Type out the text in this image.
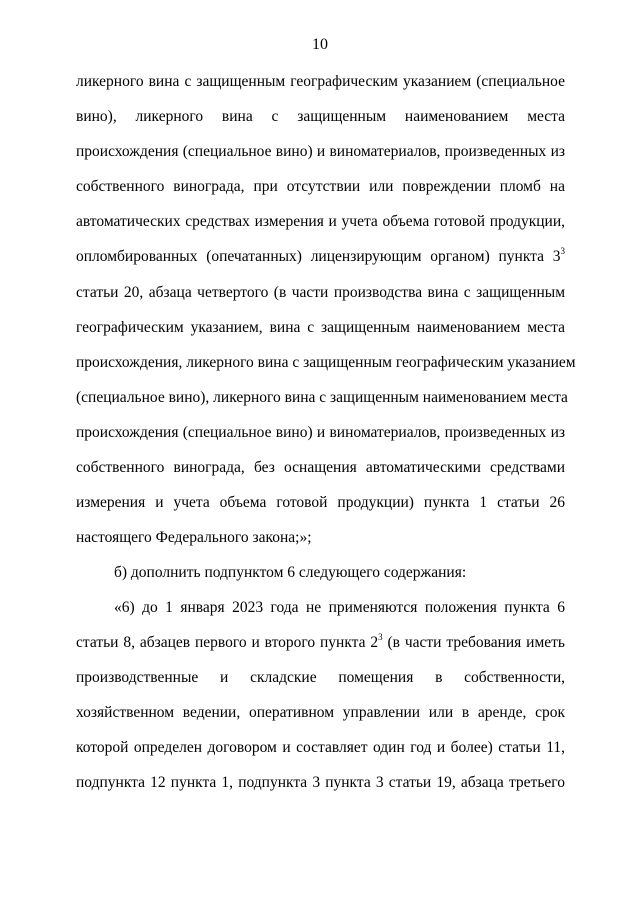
10
ликерного вина с защищенным географическим указанием (специальное
вино), ликерного вина с защищенным наименованием места
происхождения (специальное вино) и виноматериалов, произведенных из
собственного винограда, при отсутствии или повреждении пломб на
автоматических средствах измерения и учета объема готовой продукции,
опломбированных (опечатанных) лицензирующим органом) пункта $3^3$
статьи 20, абзаца четвертого (в части производства вина с защищенным
географическим указанием, вина с защищенным наименованием места
происхождения, ликерного вина с защищенным географическим указанием
(специальное вино), ликерного вина с защищенным наименованием места
происхождения (специальное вино) и виноматериалов, произведенных из
собственного винограда, без оснащения автоматическими средствами
измерения и учета объема готовой продукции) пункта 1 статьи 26
настоящего Федерального закона;»;
б) дополнить подпунктом 6 следующего содержания:
«6) до 1 января 2023 года не применяются положения пункта 6
статьи 8, абзацев первого и второго пункта $2^3$ (в части требования иметь
производственные и складские помещения в собственности,
хозяйственном ведении, оперативном управлении или в аренде, срок
которой определен договором и составляет один год и более) статьи 11,
подпункта 12 пункта 1, подпункта 3 пункта 3 статьи 19, абзаца третьего
